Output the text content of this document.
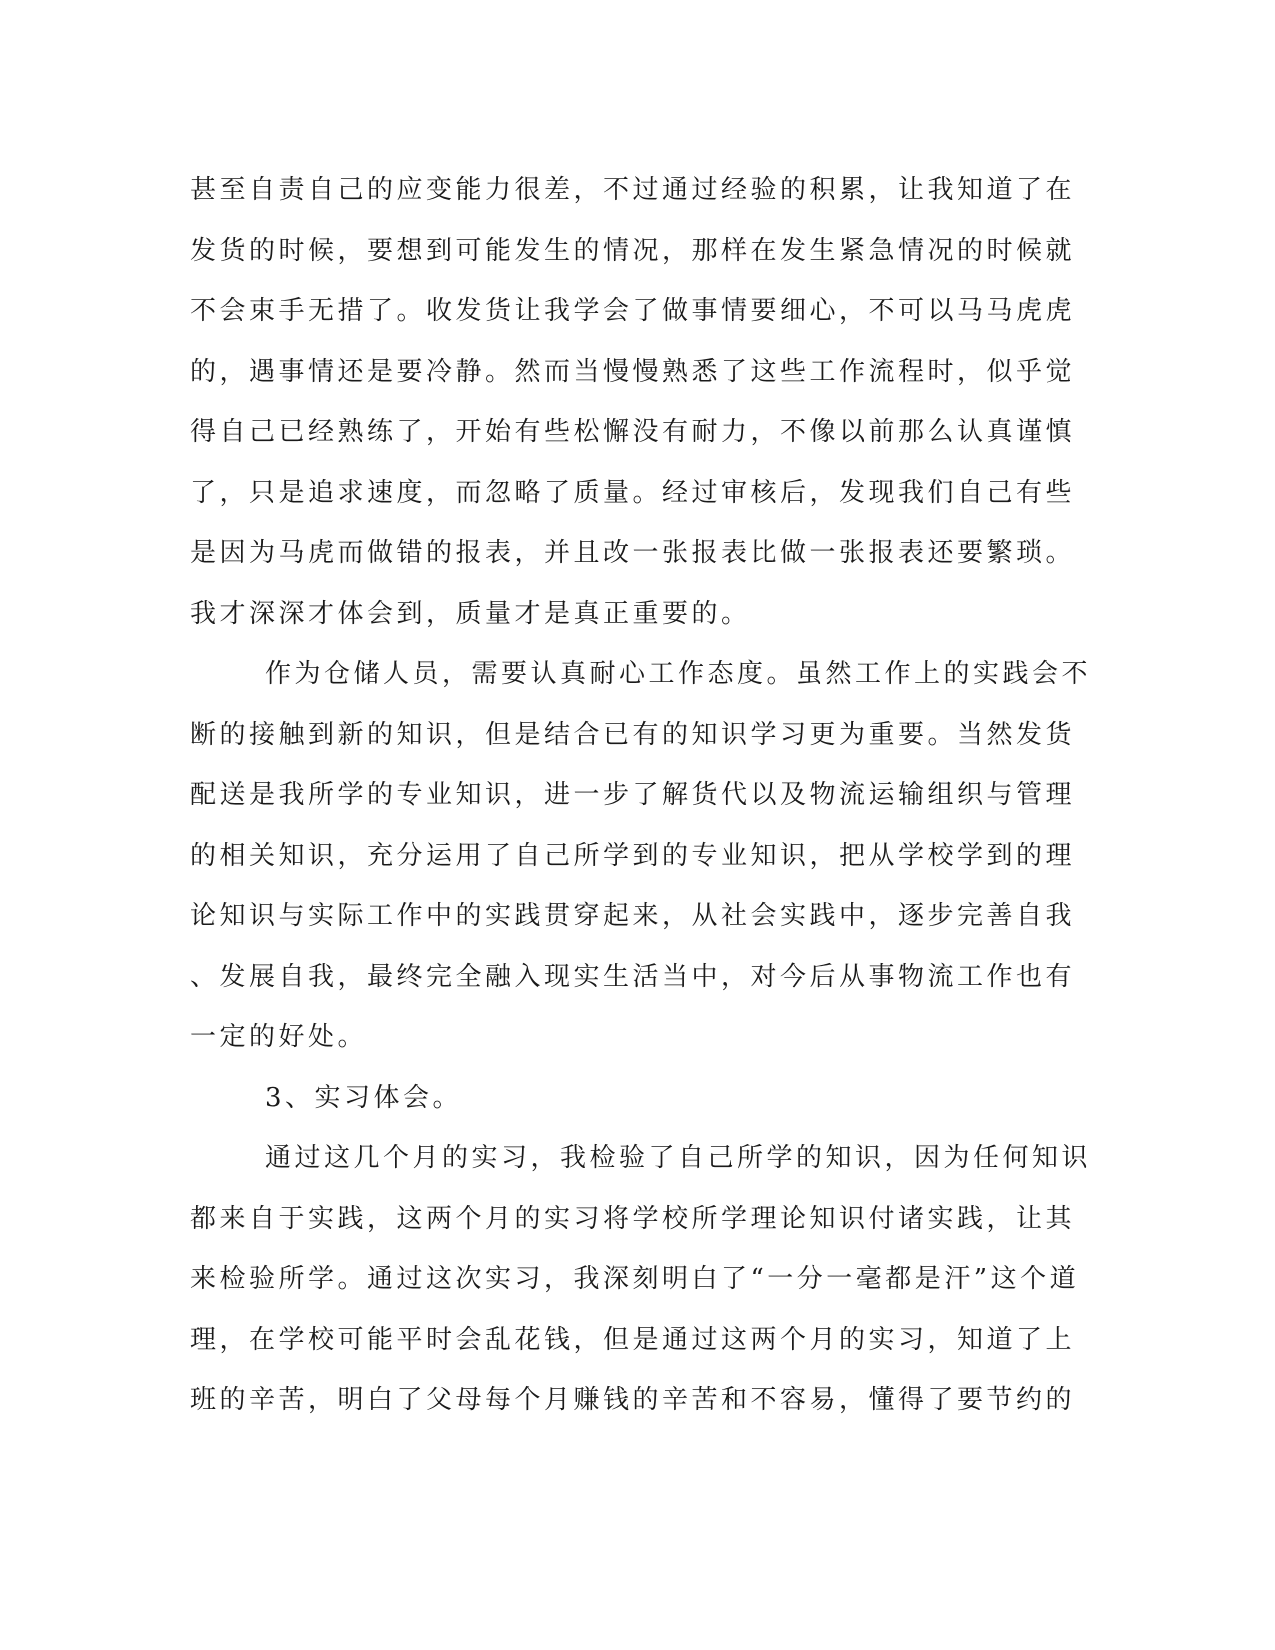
甚至自责自己的应变能力很差，不过通过经验的积累，让我知道了在

发货的时候，要想到可能发生的情况，那样在发生紧急情况的时候就

不会束手无措了。收发货让我学会了做事情要细心，不可以马马虎虎

的，遇事情还是要冷静。然而当慢慢熟悉了这些工作流程时，似乎觉

得自己已经熟练了，开始有些松懈没有耐力，不像以前那么认真谨慎

了，只是追求速度，而忽略了质量。经过审核后，发现我们自己有些

是因为马虎而做错的报表，并且改一张报表比做一张报表还要繁琐。

我才深深才体会到，质量才是真正重要的。

作为仓储人员，需要认真耐心工作态度。虽然工作上的实践会不

断的接触到新的知识，但是结合已有的知识学习更为重要。当然发货

配送是我所学的专业知识，进一步了解货代以及物流运输组织与管理

的相关知识，充分运用了自己所学到的专业知识，把从学校学到的理

论知识与实际工作中的实践贯穿起来，从社会实践中，逐步完善自我

、发展自我，最终完全融入现实生活当中，对今后从事物流工作也有

一定的好处。

3、实习体会。

通过这几个月的实习，我检验了自己所学的知识，因为任何知识

都来自于实践，这两个月的实习将学校所学理论知识付诸实践，让其

来检验所学。通过这次实习，我深刻明白了“一分一毫都是汗”这个道

理，在学校可能平时会乱花钱，但是通过这两个月的实习，知道了上

班的辛苦，明白了父母每个月赚钱的辛苦和不容易，懂得了要节约的
